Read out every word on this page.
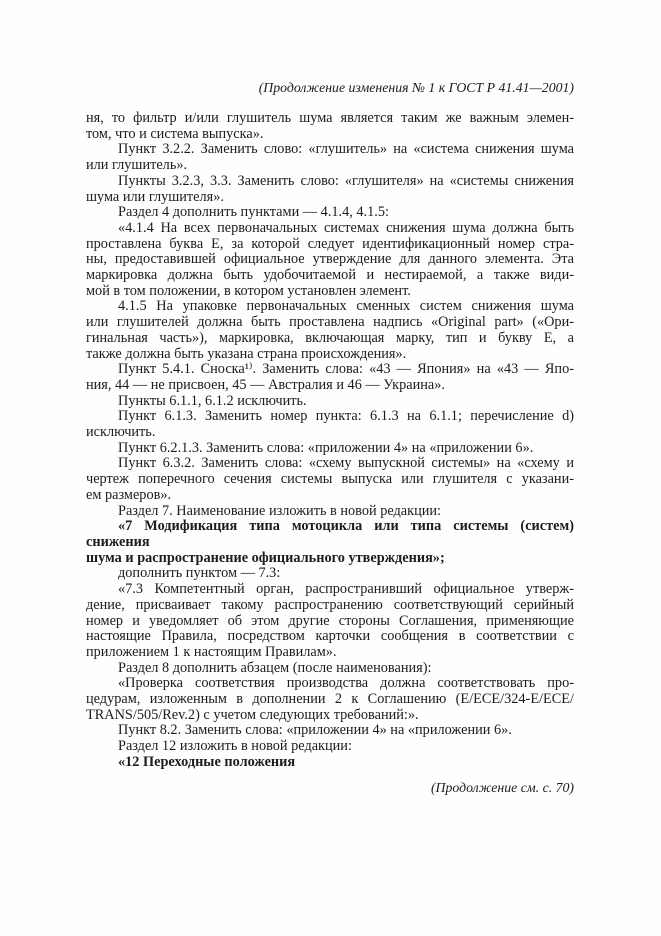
(Продолжение изменения № 1 к ГОСТ Р 41.41—2001)
ня, то фильтр и/или глушитель шума является таким же важным элемен-
том, что и система выпуска».
Пункт 3.2.2. Заменить слово: «глушитель» на «система снижения шума
или глушитель».
Пункты 3.2.3, 3.3. Заменить слово: «глушителя» на «системы снижения
шума или глушителя».
Раздел 4 дополнить пунктами — 4.1.4, 4.1.5:
«4.1.4 На всех первоначальных системах снижения шума должна быть
проставлена буква Е, за которой следует идентификационный номер стра-
ны, предоставившей официальное утверждение для данного элемента. Эта
маркировка должна быть удобочитаемой и нестираемой, а также види-
мой в том положении, в котором установлен элемент.
4.1.5 На упаковке первоначальных сменных систем снижения шума
или глушителей должна быть проставлена надпись «Original part» («Ори-
гинальная часть»), маркировка, включающая марку, тип и букву Е, а
также должна быть указана страна происхождения».
Пункт 5.4.1. Сноска¹⁾. Заменить слова: «43 — Япония» на «43 — Япо-
ния, 44 — не присвоен, 45 — Австралия и 46 — Украина».
Пункты 6.1.1, 6.1.2 исключить.
Пункт 6.1.3. Заменить номер пункта: 6.1.3 на 6.1.1; перечисление d)
исключить.
Пункт 6.2.1.3. Заменить слова: «приложении 4» на «приложении 6».
Пункт 6.3.2. Заменить слова: «схему выпускной системы» на «схему и
чертеж поперечного сечения системы выпуска или глушителя с указани-
ем размеров».
Раздел 7. Наименование изложить в новой редакции:
«7 Модификация типа мотоцикла или типа системы (систем) снижения
шума и распространение официального утверждения»;
дополнить пунктом — 7.3:
«7.3 Компетентный орган, распространивший официальное утверж-
дение, присваивает такому распространению соответствующий серийный
номер и уведомляет об этом другие стороны Соглашения, применяющие
настоящие Правила, посредством карточки сообщения в соответствии с
приложением 1 к настоящим Правилам».
Раздел 8 дополнить абзацем (после наименования):
«Проверка соответствия производства должна соответствовать про-
цедурам, изложенным в дополнении 2 к Соглашению (E/ECE/324-E/ECE/
TRANS/505/Rev.2) с учетом следующих требований:».
Пункт 8.2. Заменить слова: «приложении 4» на «приложении 6».
Раздел 12 изложить в новой редакции:
«12 Переходные положения
(Продолжение см. с. 70)
